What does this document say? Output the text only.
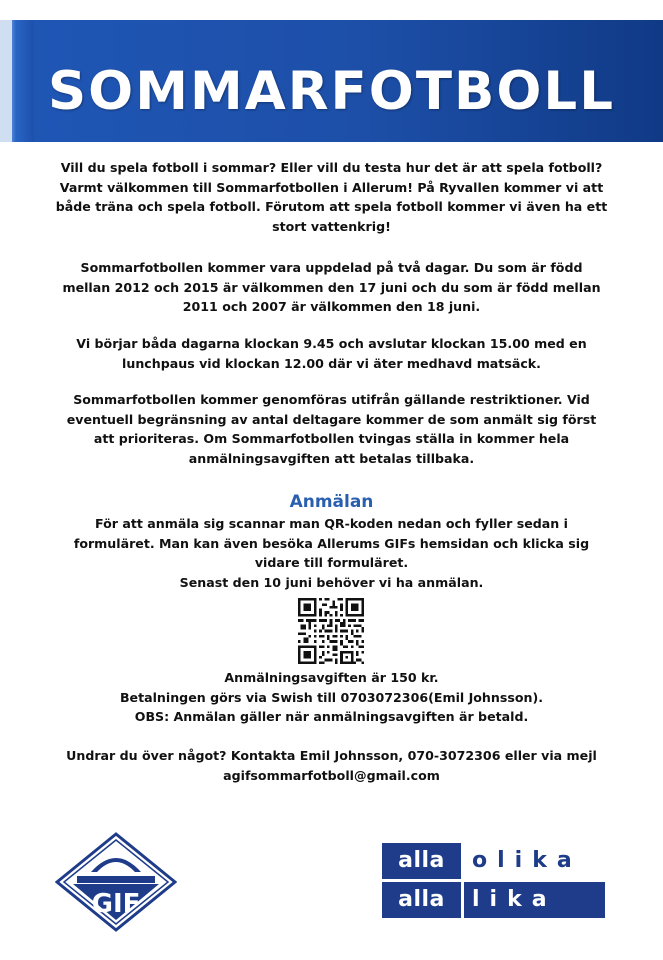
SOMMARFOTBOLL
Vill du spela fotboll i sommar? Eller vill du testa hur det är att spela fotboll?
Varmt välkommen till Sommarfotbollen i Allerum! På Ryvallen kommer vi att
både träna och spela fotboll. Förutom att spela fotboll kommer vi även ha ett
stort vattenkrig!
Sommarfotbollen kommer vara uppdelad på två dagar. Du som är född
mellan 2012 och 2015 är välkommen den 17 juni och du som är född mellan
2011 och 2007 är välkommen den 18 juni.
Vi börjar båda dagarna klockan 9.45 och avslutar klockan 15.00 med en
lunchpaus vid klockan 12.00 där vi äter medhavd matsäck.
Sommarfotbollen kommer genomföras utifrån gällande restriktioner. Vid
eventuell begränsning av antal deltagare kommer de som anmält sig först
att prioriteras. Om Sommarfotbollen tvingas ställa in kommer hela
anmälningsavgiften att betalas tillbaka.
Anmälan
För att anmäla sig scannar man QR-koden nedan och fyller sedan i
formuläret. Man kan även besöka Allerums GIFs hemsidan och klicka sig
vidare till formuläret.
Senast den 10 juni behöver vi ha anmälan.
Anmälningsavgiften är 150 kr.
Betalningen görs via Swish till 0703072306(Emil Johnsson).
OBS: Anmälan gäller när anmälningsavgiften är betald.
Undrar du över något? Kontakta Emil Johnsson, 070-3072306 eller via mejl
agifsommarfotboll@gmail.com
GIF
alla	olika
alla	lika
